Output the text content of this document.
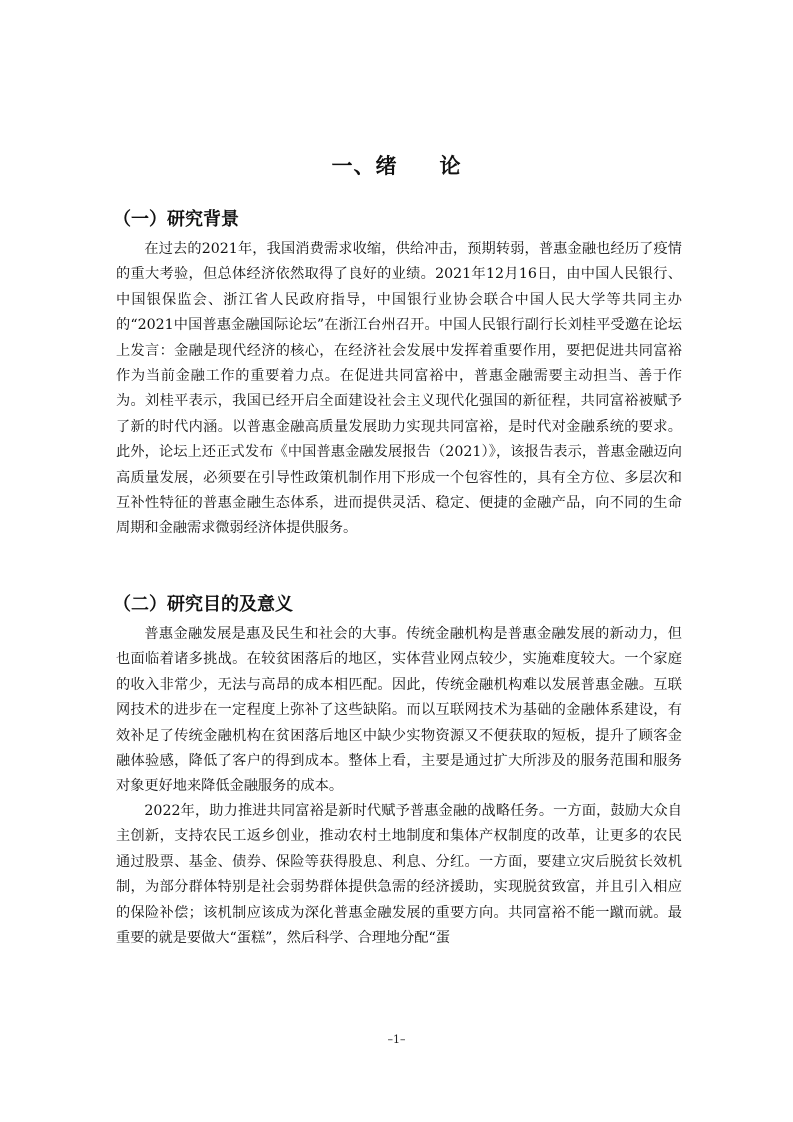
一、绪 论
（一）研究背景

在过去的2021年，我国消费需求收缩，供给冲击，预期转弱，普惠金融也经历了疫情的重大考验，但总体经济依然取得了良好的业绩。2021年12月16日，由中国人民银行、中国银保监会、浙江省人民政府指导，中国银行业协会联合中国人民大学等共同主办的“2021中国普惠金融国际论坛”在浙江台州召开。中国人民银行副行长刘桂平受邀在论坛上发言：金融是现代经济的核心，在经济社会发展中发挥着重要作用，要把促进共同富裕作为当前金融工作的重要着力点。在促进共同富裕中，普惠金融需要主动担当、善于作为。刘桂平表示，我国已经开启全面建设社会主义现代化强国的新征程，共同富裕被赋予了新的时代内涵。以普惠金融高质量发展助力实现共同富裕，是时代对金融系统的要求。此外，论坛上还正式发布《中国普惠金融发展报告（2021）》，该报告表示，普惠金融迈向高质量发展，必须要在引导性政策机制作用下形成一个包容性的，具有全方位、多层次和互补性特征的普惠金融生态体系，进而提供灵活、稳定、便捷的金融产品，向不同的生命周期和金融需求微弱经济体提供服务。

（二）研究目的及意义

普惠金融发展是惠及民生和社会的大事。传统金融机构是普惠金融发展的新动力，但也面临着诸多挑战。在较贫困落后的地区，实体营业网点较少，实施难度较大。一个家庭的收入非常少，无法与高昂的成本相匹配。因此，传统金融机构难以发展普惠金融。互联网技术的进步在一定程度上弥补了这些缺陷。而以互联网技术为基础的金融体系建设，有效补足了传统金融机构在贫困落后地区中缺少实物资源又不便获取的短板，提升了顾客金融体验感，降低了客户的得到成本。整体上看，主要是通过扩大所涉及的服务范围和服务对象更好地来降低金融服务的成本。

2022年，助力推进共同富裕是新时代赋予普惠金融的战略任务。一方面，鼓励大众自主创新，支持农民工返乡创业，推动农村土地制度和集体产权制度的改革，让更多的农民通过股票、基金、债券、保险等获得股息、利息、分红。一方面，要建立灾后脱贫长效机制，为部分群体特别是社会弱势群体提供急需的经济援助，实现脱贫致富，并且引入相应的保险补偿；该机制应该成为深化普惠金融发展的重要方向。共同富裕不能一蹴而就。最重要的就是要做大“蛋糕”，然后科学、合理地分配“蛋

–1–
